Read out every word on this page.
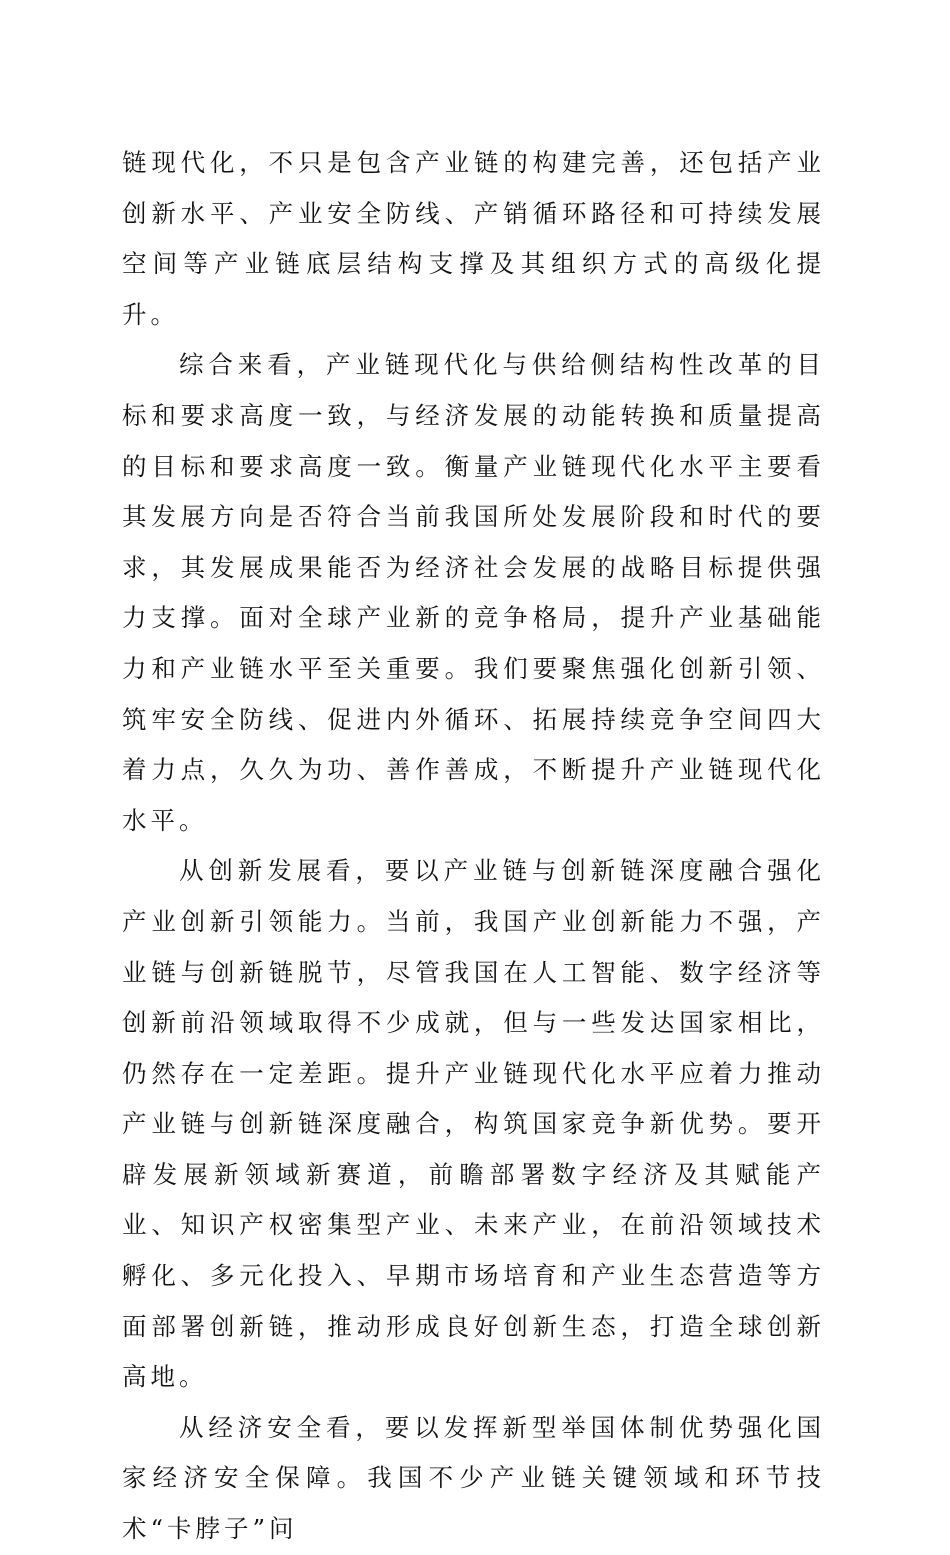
链现代化，不只是包含产业链的构建完善，还包括产业创新水平、产业安全防线、产销循环路径和可持续发展空间等产业链底层结构支撑及其组织方式的高级化提升。

综合来看，产业链现代化与供给侧结构性改革的目标和要求高度一致，与经济发展的动能转换和质量提高的目标和要求高度一致。衡量产业链现代化水平主要看其发展方向是否符合当前我国所处发展阶段和时代的要求，其发展成果能否为经济社会发展的战略目标提供强力支撑。面对全球产业新的竞争格局，提升产业基础能力和产业链水平至关重要。我们要聚焦强化创新引领、筑牢安全防线、促进内外循环、拓展持续竞争空间四大着力点，久久为功、善作善成，不断提升产业链现代化水平。

从创新发展看，要以产业链与创新链深度融合强化产业创新引领能力。当前，我国产业创新能力不强，产业链与创新链脱节，尽管我国在人工智能、数字经济等创新前沿领域取得不少成就，但与一些发达国家相比，仍然存在一定差距。提升产业链现代化水平应着力推动产业链与创新链深度融合，构筑国家竞争新优势。要开辟发展新领域新赛道，前瞻部署数字经济及其赋能产业、知识产权密集型产业、未来产业，在前沿领域技术孵化、多元化投入、早期市场培育和产业生态营造等方面部署创新链，推动形成良好创新生态，打造全球创新高地。

从经济安全看，要以发挥新型举国体制优势强化国家经济安全保障。我国不少产业链关键领域和环节技术“卡脖子”问
